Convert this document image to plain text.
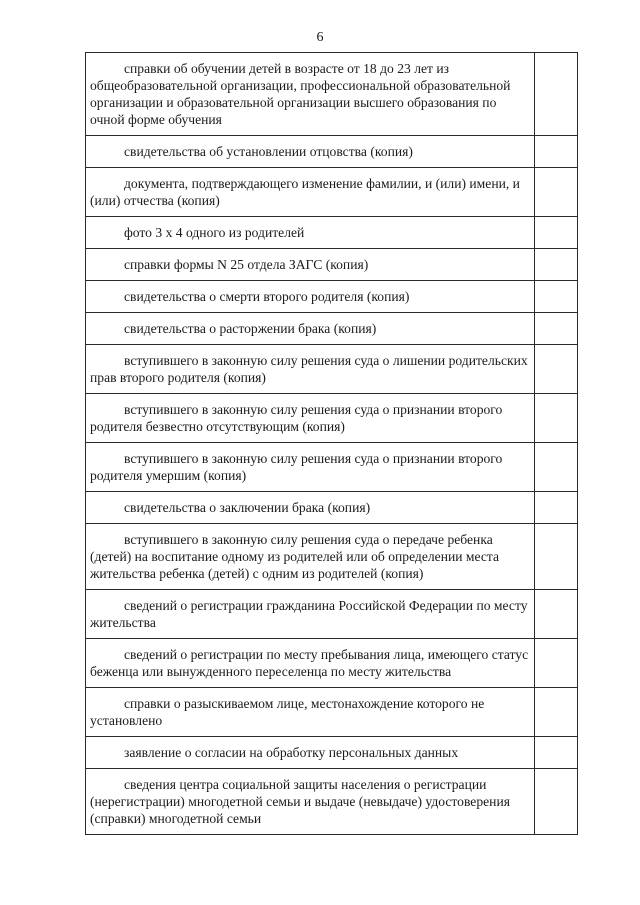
6
справки об обучении детей в возрасте от 18 до 23 лет из общеобразовательной организации, профессиональной образовательной организации и образовательной организации высшего образования по очной форме обучения	
свидетельства об установлении отцовства (копия)	
документа, подтверждающего изменение фамилии, и (или) имени, и (или) отчества (копия)	
фото 3 х 4 одного из родителей	
справки формы N 25 отдела ЗАГС (копия)	
свидетельства о смерти второго родителя (копия)	
свидетельства о расторжении брака (копия)	
вступившего в законную силу решения суда о лишении родительских прав второго родителя (копия)	
вступившего в законную силу решения суда о признании второго родителя безвестно отсутствующим (копия)	
вступившего в законную силу решения суда о признании второго родителя умершим (копия)	
свидетельства о заключении брака (копия)	
вступившего в законную силу решения суда о передаче ребенка (детей) на воспитание одному из родителей или об определении места жительства ребенка (детей) с одним из родителей (копия)	
сведений о регистрации гражданина Российской Федерации по месту жительства	
сведений о регистрации по месту пребывания лица, имеющего статус беженца или вынужденного переселенца по месту жительства	
справки о разыскиваемом лице, местонахождение которого не установлено	
заявление о согласии на обработку персональных данных	
сведения центра социальной защиты населения о регистрации (нерегистрации) многодетной семьи и выдаче (невыдаче) удостоверения (справки) многодетной семьи	
